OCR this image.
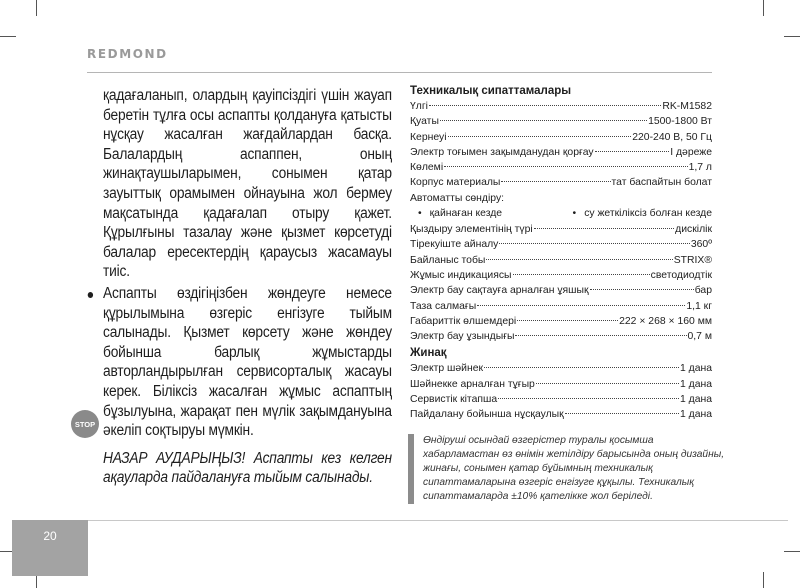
REDMOND

қадағаланып, олардың қауіпсіздігі үшін жауап беретін тұлға осы аспапты қолдануға қатысты нұсқау жасалған жағдайлардан басқа. Балалардың аспаппен, оның жинақтаушыларымен, сонымен қатар зауыттық орамымен ойнауына жол бермеу мақсатында қадағалап отыру қажет. Құрылғыны тазалау және қызмет көрсетуді балалар ересектердің қараусыз жасамауы тиіс.

Аспапты өздігіңізбен жөндеуге немесе құрылымына өзгеріс енгізуге тыйым салынады. Қызмет көрсету және жөндеу бойынша барлық жұмыстарды авторландырылған сервисорталық жасауы керек. Біліксіз жасалған жұмыс аспаптың бұзылуына, жарақат пен мүлік зақымдануына әкеліп соқтыруы мүмкін.

НАЗАР АУДАРЫҢЫЗ! Аспапты кез келген ақауларда пайдалануға тыйым салынады.

STOP
Техникалық сипаттамалары
Үлгі	RK-M1582
Қуаты	1500-1800 Вт
Кернеуі	220-240 В, 50 Гц
Электр тоғымен зақымданудан қорғау	I дәреже
Көлемі	1,7 л
Корпус материалы	тат баспайтын болат
Автоматты сөндіру:
• қайнаған кезде
•	су жеткіліксіз болған кезде
Қыздыру элементінің түрі	дискілік
Тірекуіште айналу	360º
Байланыс тобы	STRIX®
Жұмыс индикациясы	светодиодтік
Электр бау сақтауға арналған ұяшық	бар
Таза салмағы	1,1 кг
Габариттік өлшемдері	222 × 268 × 160 мм
Электр бау ұзындығы	0,7 м
Жинақ
Электр шәйнек	1 дана
Шәйнекке арналған тұғыр	1 дана
Сервистік кітапша	1 дана
Пайдалану бойынша нұсқаулық	1 дана
Өндіруші осындай өзгерістер туралы қосымша хабарламастан өз өнімін жетілдіру барысында оның дизайны, жинағы, сонымен қатар бұйымның техникалық сипаттамаларына өзгеріс енгізуге құқылы. Техникалық сипаттамаларда ±10% қателікке жол беріледі.
20
